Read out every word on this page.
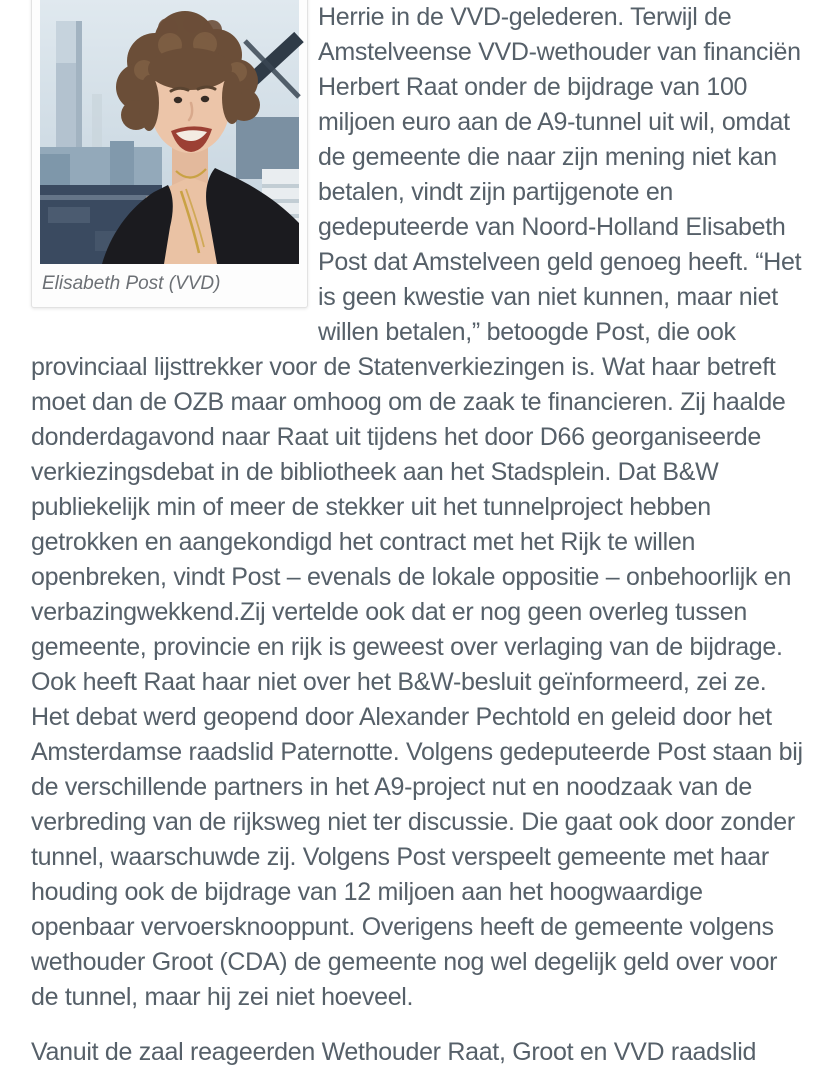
Elisabeth Post (VVD)

Herrie in de VVD-gelederen. Terwijl de Amstelveense VVD-wethouder van financiën Herbert Raat onder de bijdrage van 100 miljoen euro aan de A9-tunnel uit wil, omdat de gemeente die naar zijn mening niet kan betalen, vindt zijn partijgenote en gedeputeerde van Noord-Holland Elisabeth Post dat Amstelveen geld genoeg heeft. “Het is geen kwestie van niet kunnen, maar niet willen betalen,” betoogde Post, die ook provinciaal lijsttrekker voor de Statenverkiezingen is. Wat haar betreft moet dan de OZB maar omhoog om de zaak te financieren. Zij haalde donderdagavond naar Raat uit tijdens het door D66 georganiseerde verkiezingsdebat in de bibliotheek aan het Stadsplein. Dat B&W publiekelijk min of meer de stekker uit het tunnelproject hebben getrokken en aangekondigd het contract met het Rijk te willen openbreken, vindt Post – evenals de lokale oppositie – onbehoorlijk en verbazingwekkend.Zij vertelde ook dat er nog geen overleg tussen gemeente, provincie en rijk is geweest over verlaging van de bijdrage. Ook heeft Raat haar niet over het B&W-besluit geïnformeerd, zei ze.  Het debat werd geopend door Alexander Pechtold en geleid door het Amsterdamse raadslid Paternotte. Volgens gedeputeerde Post staan bij de verschillende partners in het A9-project nut en noodzaak van de verbreding van de rijksweg niet ter discussie. Die gaat ook door zonder tunnel, waarschuwde zij. Volgens Post verspeelt gemeente met haar houding ook de bijdrage van 12 miljoen aan het hoogwaardige openbaar vervoersknooppunt. Overigens heeft de gemeente volgens wethouder Groot (CDA) de gemeente nog wel degelijk geld over voor de tunnel, maar hij zei niet hoeveel.

Vanuit de zaal reageerden Wethouder Raat, Groot en VVD raadslid
